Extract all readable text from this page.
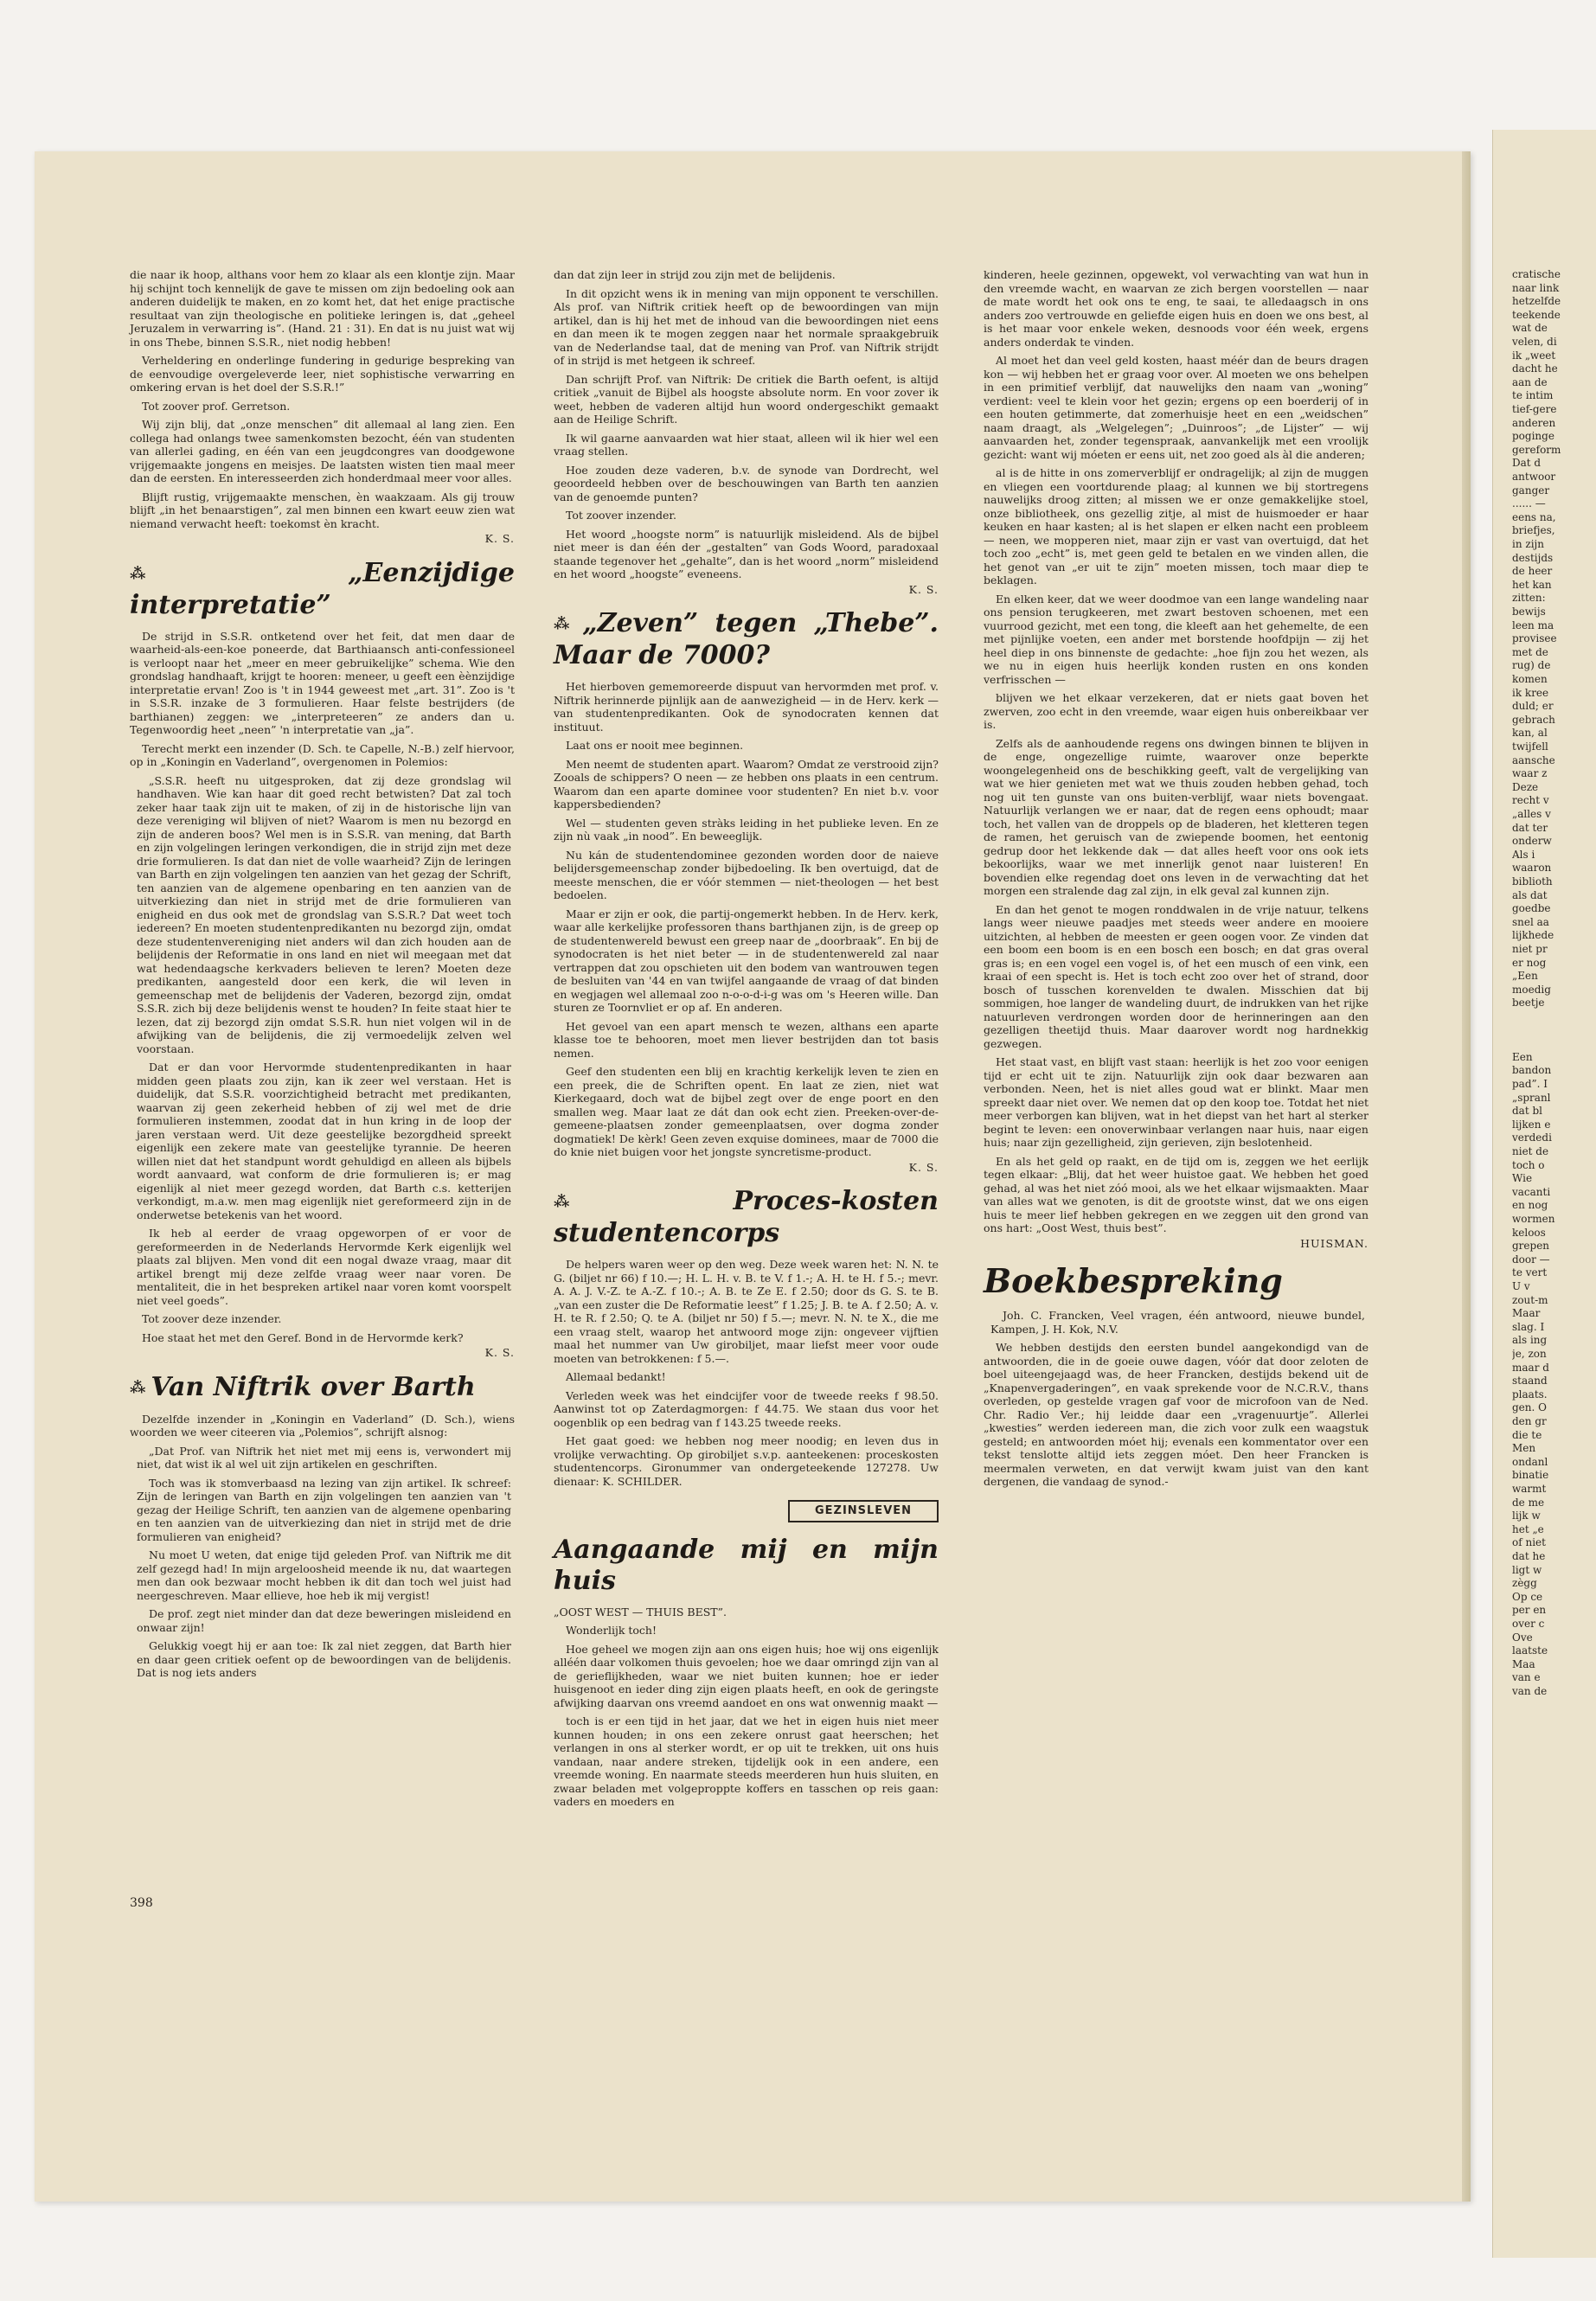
die naar ik hoop, althans voor hem zo klaar als een klontje zijn. Maar hij schijnt toch kennelijk de gave te missen om zijn bedoeling ook aan anderen duidelijk te maken, en zo komt het, dat het enige practische resultaat van zijn theologische en politieke leringen is, dat „geheel Jeruzalem in verwarring is”. (Hand. 21 : 31). En dat is nu juist wat wij in ons Thebe, binnen S.S.R., niet nodig hebben!

Verheldering en onderlinge fundering in gedurige bespreking van de eenvoudige overgeleverde leer, niet sophistische verwarring en omkering ervan is het doel der S.S.R.!”

Tot zoover prof. Gerretson.

Wij zijn blij, dat „onze menschen” dit allemaal al lang zien. Een collega had onlangs twee samenkomsten bezocht, één van studenten van allerlei gading, en één van een jeugdcongres van doodgewone vrijgemaakte jongens en meisjes. De laatsten wisten tien maal meer dan de eersten. En interesseerden zich honderdmaal meer voor alles.

Blijft rustig, vrijgemaakte menschen, èn waakzaam. Als gij trouw blijft „in het benaarstigen”, zal men binnen een kwart eeuw zien wat niemand verwacht heeft: toekomst èn kracht.

K. S.
⁂ „Eenzijdige interpretatie”

De strijd in S.S.R. ontketend over het feit, dat men daar de waarheid-als-een-koe poneerde, dat Barthiaansch anti-confessioneel is verloopt naar het „meer en meer gebruikelijke” schema. Wie den grondslag handhaaft, krijgt te hooren: meneer, u geeft een èènzijdige interpretatie ervan! Zoo is 't in 1944 geweest met „art. 31”. Zoo is 't in S.S.R. inzake de 3 formulieren. Haar felste bestrijders (de barthianen) zeggen: we „interpreteeren” ze anders dan u. Tegenwoordig heet „neen” 'n interpretatie van „ja”.

Terecht merkt een inzender (D. Sch. te Capelle, N.-B.) zelf hiervoor, op in „Koningin en Vaderland”, overgenomen in Polemios:

„S.S.R. heeft nu uitgesproken, dat zij deze grondslag wil handhaven. Wie kan haar dit goed recht betwisten? Dat zal toch zeker haar taak zijn uit te maken, of zij in de historische lijn van deze vereniging wil blijven of niet? Waarom is men nu bezorgd en zijn de anderen boos? Wel men is in S.S.R. van mening, dat Barth en zijn volgelingen leringen verkondigen, die in strijd zijn met deze drie formulieren. Is dat dan niet de volle waarheid? Zijn de leringen van Barth en zijn volgelingen ten aanzien van het gezag der Schrift, ten aanzien van de algemene openbaring en ten aanzien van de uitverkiezing dan niet in strijd met de drie formulieren van enigheid en dus ook met de grondslag van S.S.R.? Dat weet toch iedereen? En moeten studentenpredikanten nu bezorgd zijn, omdat deze studentenvereniging niet anders wil dan zich houden aan de belijdenis der Reformatie in ons land en niet wil meegaan met dat wat hedendaagsche kerkvaders believen te leren? Moeten deze predikanten, aangesteld door een kerk, die wil leven in gemeenschap met de belijdenis der Vaderen, bezorgd zijn, omdat S.S.R. zich bij deze belijdenis wenst te houden? In feite staat hier te lezen, dat zij bezorgd zijn omdat S.S.R. hun niet volgen wil in de afwijking van de belijdenis, die zij vermoedelijk zelven wel voorstaan.

Dat er dan voor Hervormde studentenpredikanten in haar midden geen plaats zou zijn, kan ik zeer wel verstaan. Het is duidelijk, dat S.S.R. voorzichtigheid betracht met predikanten, waarvan zij geen zekerheid hebben of zij wel met de drie formulieren instemmen, zoodat dat in hun kring in de loop der jaren verstaan werd. Uit deze geestelijke bezorgdheid spreekt eigenlijk een zekere mate van geestelijke tyrannie. De heeren willen niet dat het standpunt wordt gehuldigd en alleen als bijbels wordt aanvaard, wat conform de drie formulieren is; er mag eigenlijk al niet meer gezegd worden, dat Barth c.s. ketterijen verkondigt, m.a.w. men mag eigenlijk niet gereformeerd zijn in de onderwetse betekenis van het woord.

Ik heb al eerder de vraag opgeworpen of er voor de gereformeerden in de Nederlands Hervormde Kerk eigenlijk wel plaats zal blijven. Men vond dit een nogal dwaze vraag, maar dit artikel brengt mij deze zelfde vraag weer naar voren. De mentaliteit, die in het bespreken artikel naar voren komt voorspelt niet veel goeds”.

Tot zoover deze inzender.

Hoe staat het met den Geref. Bond in de Hervormde kerk?

K. S.
⁂ Van Niftrik over Barth

Dezelfde inzender in „Koningin en Vaderland” (D. Sch.), wiens woorden we weer citeeren via „Polemios”, schrijft alsnog:

„Dat Prof. van Niftrik het niet met mij eens is, verwondert mij niet, dat wist ik al wel uit zijn artikelen en geschriften.

Toch was ik stomverbaasd na lezing van zijn artikel. Ik schreef: Zijn de leringen van Barth en zijn volgelingen ten aanzien van 't gezag der Heilige Schrift, ten aanzien van de algemene openbaring en ten aanzien van de uitverkiezing dan niet in strijd met de drie formulieren van enigheid?

Nu moet U weten, dat enige tijd geleden Prof. van Niftrik me dit zelf gezegd had! In mijn argeloosheid meende ik nu, dat waartegen men dan ook bezwaar mocht hebben ik dit dan toch wel juist had neergeschreven. Maar ellieve, hoe heb ik mij vergist!

De prof. zegt niet minder dan dat deze beweringen misleidend en onwaar zijn!

Gelukkig voegt hij er aan toe: Ik zal niet zeggen, dat Barth hier en daar geen critiek oefent op de bewoordingen van de belijdenis. Dat is nog iets anders

dan dat zijn leer in strijd zou zijn met de belijdenis.

In dit opzicht wens ik in mening van mijn opponent te verschillen. Als prof. van Niftrik critiek heeft op de bewoordingen van mijn artikel, dan is hij het met de inhoud van die bewoordingen niet eens en dan meen ik te mogen zeggen naar het normale spraakgebruik van de Nederlandse taal, dat de mening van Prof. van Niftrik strijdt of in strijd is met hetgeen ik schreef.

Dan schrijft Prof. van Niftrik: De critiek die Barth oefent, is altijd critiek „vanuit de Bijbel als hoogste absolute norm. En voor zover ik weet, hebben de vaderen altijd hun woord ondergeschikt gemaakt aan de Heilige Schrift.

Ik wil gaarne aanvaarden wat hier staat, alleen wil ik hier wel een vraag stellen.

Hoe zouden deze vaderen, b.v. de synode van Dordrecht, wel geoordeeld hebben over de beschouwingen van Barth ten aanzien van de genoemde punten?

Tot zoover inzender.

Het woord „hoogste norm” is natuurlijk misleidend. Als de bijbel niet meer is dan één der „gestalten” van Gods Woord, paradoxaal staande tegenover het „gehalte”, dan is het woord „norm” misleidend en het woord „hoogste” eveneens.

K. S.
⁂ „Zeven” tegen „Thebe”. Maar de 7000?

Het hierboven gememoreerde dispuut van hervormden met prof. v. Niftrik herinnerde pijnlijk aan de aanwezigheid — in de Herv. kerk — van studentenpredikanten. Ook de synodocraten kennen dat instituut.

Laat ons er nooit mee beginnen.

Men neemt de studenten apart. Waarom? Omdat ze verstrooid zijn? Zooals de schippers? O neen — ze hebben ons plaats in een centrum. Waarom dan een aparte dominee voor studenten? En niet b.v. voor kappersbedienden?

Wel — studenten geven stràks leiding in het publieke leven. En ze zijn nù vaak „in nood”. En beweeglijk.

Nu kán de studentendominee gezonden worden door de naieve belijdersgemeenschap zonder bijbedoeling. Ik ben overtuigd, dat de meeste menschen, die er vóór stemmen — niet-theologen — het best bedoelen.

Maar er zijn er ook, die partij-ongemerkt hebben. In de Herv. kerk, waar alle kerkelijke professoren thans barthjanen zijn, is de greep op de studentenwereld bewust een greep naar de „doorbraak”. En bij de synodocraten is het niet beter — in de studentenwereld zal naar vertrappen dat zou opschieten uit den bodem van wantrouwen tegen de besluiten van '44 en van twijfel aangaande de vraag of dat binden en wegjagen wel allemaal zoo n-o-o-d-i-g was om 's Heeren wille. Dan sturen ze Toornvliet er op af. En anderen.

Het gevoel van een apart mensch te wezen, althans een aparte klasse toe te behooren, moet men liever bestrijden dan tot basis nemen.

Geef den studenten een blij en krachtig kerkelijk leven te zien en een preek, die de Schriften opent. En laat ze zien, niet wat Kierkegaard, doch wat de bijbel zegt over de enge poort en den smallen weg. Maar laat ze dát dan ook echt zien. Preeken-over-de-gemeene-plaatsen zonder gemeenplaatsen, over dogma zonder dogmatiek! De kèrk! Geen zeven exquise dominees, maar de 7000 die do knie niet buigen voor het jongste syncretisme-product.

K. S.
⁂ Proces-kosten studentencorps

De helpers waren weer op den weg. Deze week waren het: N. N. te G. (biljet nr 66) f 10.—; H. L. H. v. B. te V. f 1.-; A. H. te H. f 5.-; mevr. A. A. J. V.-Z. te A.-Z. f 10.-; A. B. te Ze E. f 2.50; door ds G. S. te B. „van een zuster die De Reformatie leest” f 1.25; J. B. te A. f 2.50; A. v. H. te R. f 2.50; Q. te A. (biljet nr 50) f 5.—; mevr. N. N. te X., die me een vraag stelt, waarop het antwoord moge zijn: ongeveer vijftien maal het nummer van Uw girobiljet, maar liefst meer voor oude moeten van betrokkenen: f 5.—.

Allemaal bedankt!

Verleden week was het eindcijfer voor de tweede reeks f 98.50. Aanwinst tot op Zaterdagmorgen: f 44.75. We staan dus voor het oogenblik op een bedrag van f 143.25 tweede reeks.

Het gaat goed: we hebben nog meer noodig; en leven dus in vrolijke verwachting. Op girobiljet s.v.p. aanteekenen: proceskosten studentencorps. Gironummer van ondergeteekende 127278. Uw dienaar: K. SCHILDER.

GEZINSLEVEN
Aangaande mij en mijn huis

„OOST WEST — THUIS BEST”.

Wonderlijk toch!

Hoe geheel we mogen zijn aan ons eigen huis; hoe wij ons eigenlijk alléén daar volkomen thuis gevoelen; hoe we daar omringd zijn van al de gerieflijkheden, waar we niet buiten kunnen; hoe er ieder huisgenoot en ieder ding zijn eigen plaats heeft, en ook de geringste afwijking daarvan ons vreemd aandoet en ons wat onwennig maakt —

toch is er een tijd in het jaar, dat we het in eigen huis niet meer kunnen houden; in ons een zekere onrust gaat heerschen; het verlangen in ons al sterker wordt, er op uit te trekken, uit ons huis vandaan, naar andere streken, tijdelijk ook in een andere, een vreemde woning. En naarmate steeds meerderen hun huis sluiten, en zwaar beladen met volgeproppte koffers en tasschen op reis gaan: vaders en moeders en

kinderen, heele gezinnen, opgewekt, vol verwachting van wat hun in den vreemde wacht, en waarvan ze zich bergen voorstellen — naar de mate wordt het ook ons te eng, te saai, te alledaagsch in ons anders zoo vertrouwde en geliefde eigen huis en doen we ons best, al is het maar voor enkele weken, desnoods voor één week, ergens anders onderdak te vinden.

Al moet het dan veel geld kosten, haast méér dan de beurs dragen kon — wij hebben het er graag voor over. Al moeten we ons behelpen in een primitief verblijf, dat nauwelijks den naam van „woning” verdient: veel te klein voor het gezin; ergens op een boerderij of in een houten getimmerte, dat zomerhuisje heet en een „weidschen” naam draagt, als „Welgelegen”; „Duinroos”; „de Lijster” — wij aanvaarden het, zonder tegenspraak, aanvankelijk met een vroolijk gezicht: want wij móeten er eens uit, net zoo goed als àl die anderen;

al is de hitte in ons zomerverblijf er ondragelijk; al zijn de muggen en vliegen een voortdurende plaag; al kunnen we bij stortregens nauwelijks droog zitten; al missen we er onze gemakkelijke stoel, onze bibliotheek, ons gezellig zitje, al mist de huismoeder er haar keuken en haar kasten; al is het slapen er elken nacht een probleem — neen, we mopperen niet, maar zijn er vast van overtuigd, dat het toch zoo „echt” is, met geen geld te betalen en we vinden allen, die het genot van „er uit te zijn” moeten missen, toch maar diep te beklagen.

En elken keer, dat we weer doodmoe van een lange wandeling naar ons pension terugkeeren, met zwart bestoven schoenen, met een vuurrood gezicht, met een tong, die kleeft aan het gehemelte, de een met pijnlijke voeten, een ander met borstende hoofdpijn — zij het heel diep in ons binnenste de gedachte: „hoe fijn zou het wezen, als we nu in eigen huis heerlijk konden rusten en ons konden verfrisschen —

blijven we het elkaar verzekeren, dat er niets gaat boven het zwerven, zoo echt in den vreemde, waar eigen huis onbereikbaar ver is.

Zelfs als de aanhoudende regens ons dwingen binnen te blijven in de enge, ongezellige ruimte, waarover onze beperkte woongelegenheid ons de beschikking geeft, valt de vergelijking van wat we hier genieten met wat we thuis zouden hebben gehad, toch nog uit ten gunste van ons buiten-verblijf, waar niets bovengaat. Natuurlijk verlangen we er naar, dat de regen eens ophoudt; maar toch, het vallen van de droppels op de bladeren, het kletteren tegen de ramen, het geruisch van de zwiepende boomen, het eentonig gedrup door het lekkende dak — dat alles heeft voor ons ook iets bekoorlijks, waar we met innerlijk genot naar luisteren! En bovendien elke regendag doet ons leven in de verwachting dat het morgen een stralende dag zal zijn, in elk geval zal kunnen zijn.

En dan het genot te mogen ronddwalen in de vrije natuur, telkens langs weer nieuwe paadjes met steeds weer andere en mooiere uitzichten, al hebben de meesten er geen oogen voor. Ze vinden dat een boom een boom is en een bosch een bosch; en dat gras overal gras is; en een vogel een vogel is, of het een musch of een vink, een kraai of een specht is. Het is toch echt zoo over het of strand, door bosch of tusschen korenvelden te dwalen. Misschien dat bij sommigen, hoe langer de wandeling duurt, de indrukken van het rijke natuurleven verdrongen worden door de herinneringen aan den gezelligen theetijd thuis. Maar daarover wordt nog hardnekkig gezwegen.

Het staat vast, en blijft vast staan: heerlijk is het zoo voor eenigen tijd er echt uit te zijn. Natuurlijk zijn ook daar bezwaren aan verbonden. Neen, het is niet alles goud wat er blinkt. Maar men spreekt daar niet over. We nemen dat op den koop toe. Totdat het niet meer verborgen kan blijven, wat in het diepst van het hart al sterker begint te leven: een onoverwinbaar verlangen naar huis, naar eigen huis; naar zijn gezelligheid, zijn gerieven, zijn beslotenheid.

En als het geld op raakt, en de tijd om is, zeggen we het eerlijk tegen elkaar: „Blij, dat het weer huistoe gaat. We hebben het goed gehad, al was het niet zóó mooi, als we het elkaar wijsmaakten. Maar van alles wat we genoten, is dit de grootste winst, dat we ons eigen huis te meer lief hebben gekregen en we zeggen uit den grond van ons hart: „Oost West, thuis best”.

HUISMAN.
Boekbespreking

Joh. C. Francken, Veel vragen, één antwoord, nieuwe bundel, Kampen, J. H. Kok, N.V.

We hebben destijds den eersten bundel aangekondigd van de antwoorden, die in de goeie ouwe dagen, vóór dat door zeloten de boel uiteengejaagd was, de heer Francken, destijds bekend uit de „Knapenvergaderingen”, en vaak sprekende voor de N.C.R.V., thans overleden, op gestelde vragen gaf voor de microfoon van de Ned. Chr. Radio Ver.; hij leidde daar een „vragenuurtje”. Allerlei „kwesties” werden iedereen man, die zich voor zulk een waagstuk gesteld; en antwoorden móet hij; evenals een kommentator over een tekst tenslotte altijd iets zeggen móet. Den heer Francken is meermalen verweten, en dat verwijt kwam juist van den kant dergenen, die vandaag de synod.-

398
cratische
naar link
hetzelfde
teekende
wat de
velen, di
ik „weet
dacht he
aan de
te intim
tief-gere
anderen
poginge
gereform
Dat d
antwoor
ganger
...... —
eens na,
briefjes,
in zijn
destijds
de heer
het kan
zitten:
bewijs
leen ma
provisee
met de
rug) de
komen
ik kree
duld; er
gebrach
kan, al
twijfell
aansche
waar z
Deze
recht v
„alles v
dat ter
onderw
Als i
waaron
biblioth
als dat
goedbe
snel aa
lijkhede
niet pr
er nog
„Een
moedig
beetje
Een
bandon
pad”. I
„spranl
dat bl
lijken e
verdedi
niet de
toch o
Wie
vacanti
en nog
wormen
keloos
grepen
door —
te vert
U v
zout-m
Maar
slag. I
als ing
je, zon
maar d
staand
plaats.
gen. O
den gr
die te
Men
ondanl
binatie
warmt
de me
lijk w
het „e
of niet
dat he
ligt w
zègg
Op ce
per en
over c
Ove
laatste
Maa
van e
van de
